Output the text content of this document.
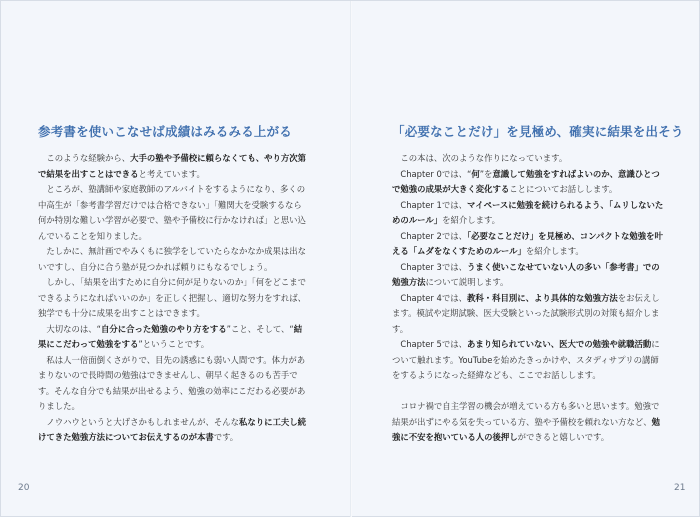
参考書を使いこなせば成績はみるみる上がる

このような経験から、大手の塾や予備校に頼らなくても、やり方次第で結果を出すことはできると考えています。

ところが、塾講師や家庭教師のアルバイトをするようになり、多くの中高生が「参考書学習だけでは合格できない」「難関大を受験するなら何か特別な難しい学習が必要で、塾や予備校に行かなければ」と思い込んでいることを知りました。

たしかに、無計画でやみくもに独学をしていたらなかなか成果は出ないですし、自分に合う塾が見つかれば頼りにもなるでしょう。

しかし、「結果を出すために自分に何が足りないのか」「何をどこまでできるようになればいいのか」を正しく把握し、適切な努力をすれば、独学でも十分に成果を出すことはできます。

大切なのは、“自分に合った勉強のやり方をする”こと、そして、“結果にこだわって勉強をする”ということです。

私は人一倍面倒くさがりで、目先の誘惑にも弱い人間です。体力があまりないので長時間の勉強はできませんし、朝早く起きるのも苦手です。そんな自分でも結果が出せるよう、勉強の効率にこだわる必要がありました。

ノウハウというと大げさかもしれませんが、そんな私なりに工夫し続けてきた勉強方法についてお伝えするのが本書です。

20
「必要なことだけ」を見極め、確実に結果を出そう

この本は、次のような作りになっています。

Chapter 0では、“何”を意識して勉強をすればよいのか、意識ひとつで勉強の成果が大きく変化することについてお話しします。

Chapter 1では、マイペースに勉強を続けられるよう、「ムリしないためのルール」を紹介します。

Chapter 2では、「必要なことだけ」を見極め、コンパクトな勉強を叶える「ムダをなくすためのルール」を紹介します。

Chapter 3では、うまく使いこなせていない人の多い「参考書」での勉強方法について説明します。

Chapter 4では、教科・科目別に、より具体的な勉強方法をお伝えします。模試や定期試験、医大受験といった試験形式別の対策も紹介します。

Chapter 5では、あまり知られていない、医大での勉強や就職活動について触れます。YouTubeを始めたきっかけや、スタディサプリの講師をするようになった経緯なども、ここでお話しします。

コロナ禍で自主学習の機会が増えている方も多いと思います。勉強で結果が出ずにやる気を失っている方、塾や予備校を頼れない方など、勉強に不安を抱いている人の後押しができると嬉しいです。

21
